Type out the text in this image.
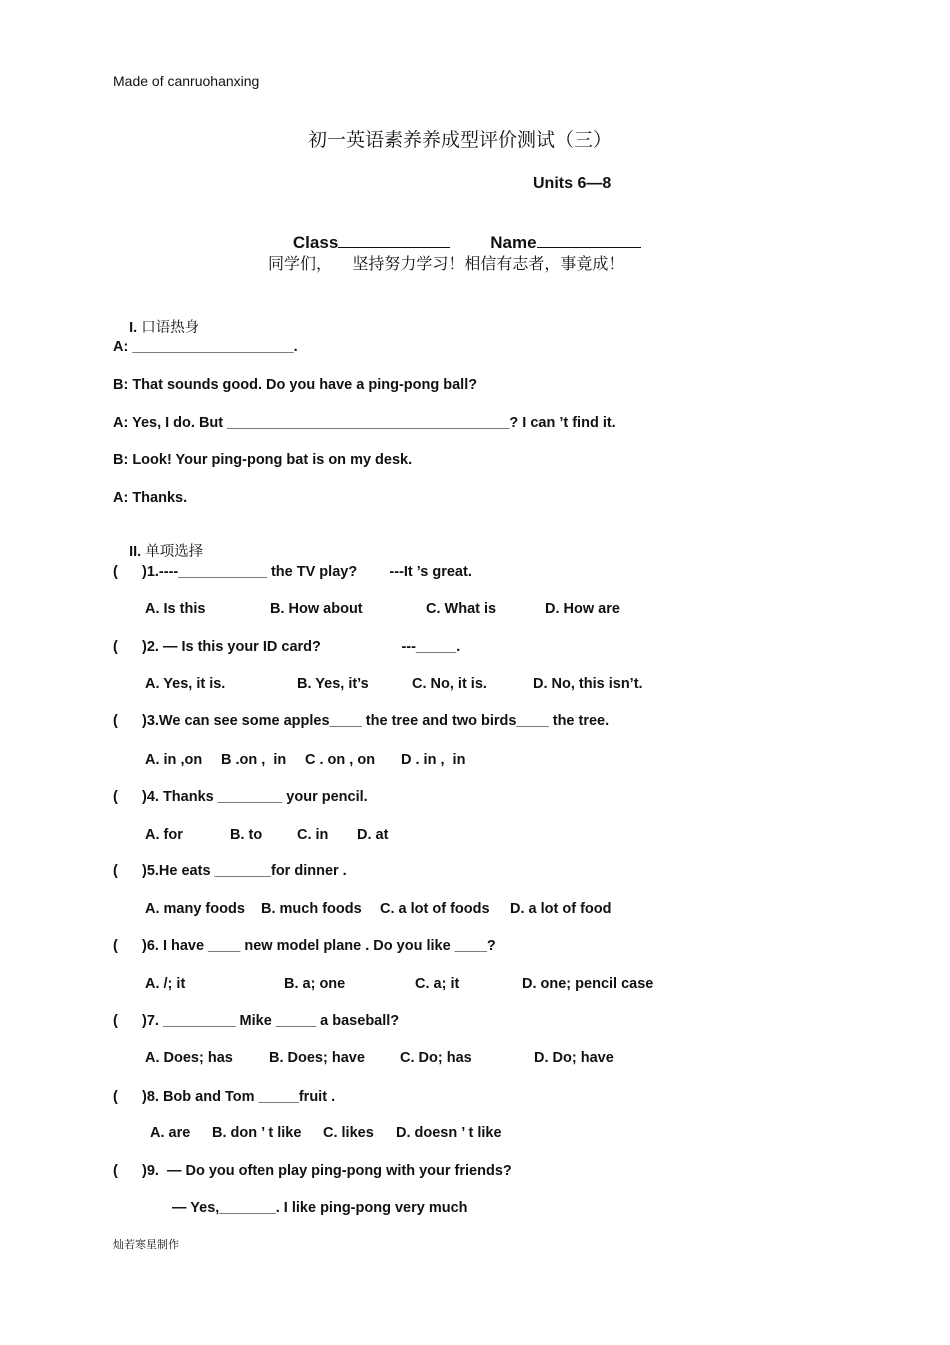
Made of canruohanxing
初一英语素养养成型评价测试（三）
Units 6—8

Class	Name

同学们，    坚持努力学习！相信有志者，事竟成！

I. 口语热身

A: ____________________.
B: That sounds good. Do you have a ping-pong ball?
A: Yes, I do. But ___________________________________? I can ’t find it.
B: Look! Your ping-pong bat is on my desk.
A: Thanks.

II. 单项选择

(      )1.----___________ the TV play?        ---It ’s great.
A. Is this	B. How about	C. What is	D. How are
(      )2. — Is this your ID card?                    ---_____.
A. Yes, it is.	B. Yes, it’s	C. No, it is.	D. No, this isn’t.
(      )3.We can see some apples____ the tree and two birds____ the tree.
A. in ,on B .on ,  in C . on , on D . in ,  in
(      )4. Thanks ________ your pencil.
A. for	B. to C. in D. at
(      )5.He eats _______for dinner .
A. many foods B. much foods C. a lot of foods D. a lot of food
(      )6. I have ____ new model plane . Do you like ____?
A. /; it	B. a; one	C. a; it	D. one; pencil case
(      )7. _________ Mike _____ a baseball?
A. Does; has B. Does; have C. Do; has	D. Do; have
(      )8. Bob and Tom _____fruit .
A. are B. don ’ t like C. likes D. doesn ’ t like
(      )9.  — Do you often play ping-pong with your friends?
— Yes,_______. I like ping-pong very much
灿若寒星制作
